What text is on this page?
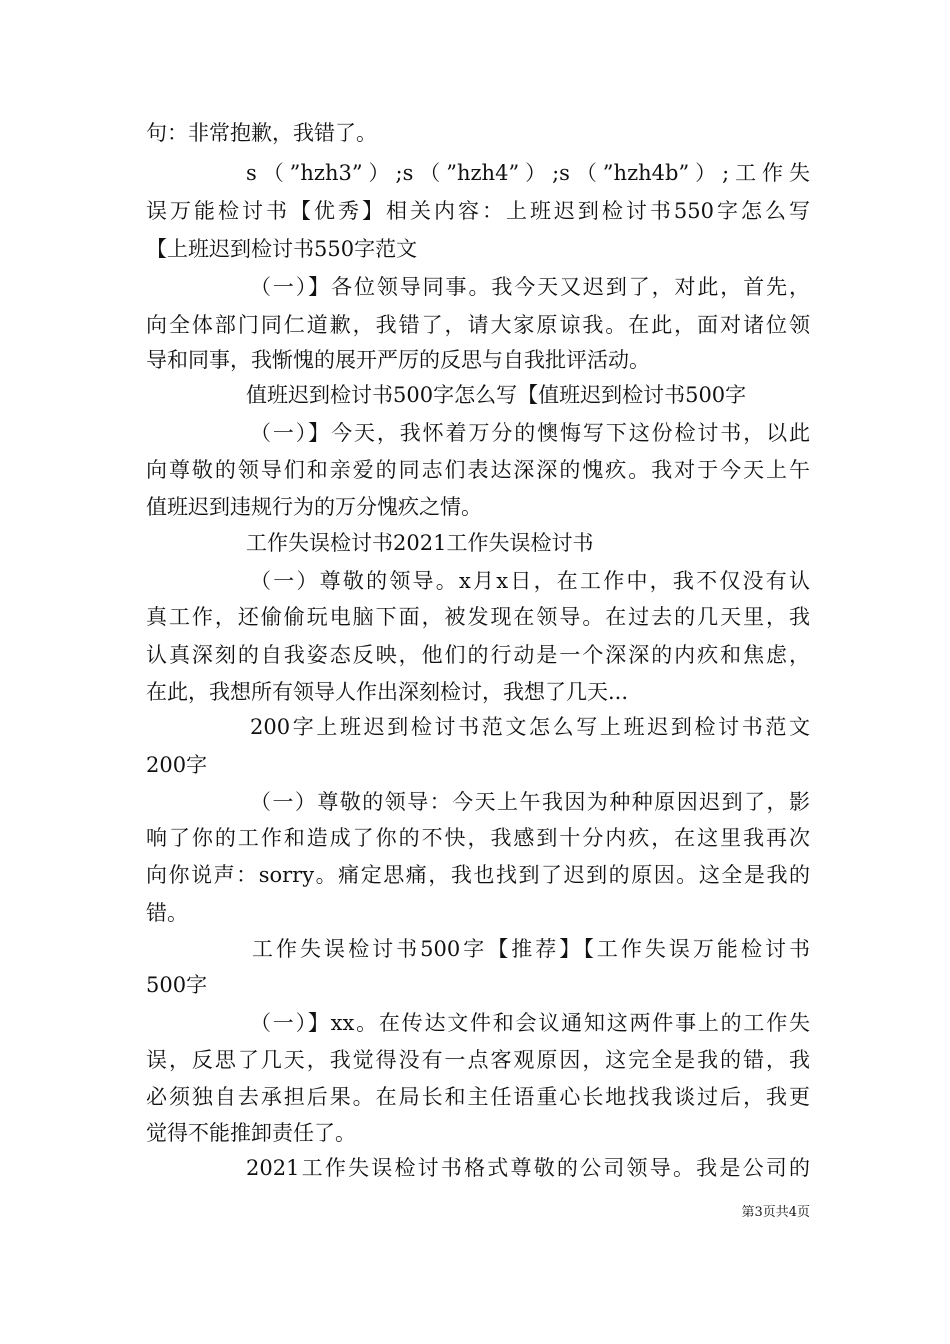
句：非常抱歉，我错了。

s（”hzh3”）;s（”hzh4”）;s（”hzh4b”）;工作失

误万能检讨书【优秀】相关内容：上班迟到检讨书550字怎么写

【上班迟到检讨书550字范文

（一）】各位领导同事。我今天又迟到了，对此，首先，

向全体部门同仁道歉，我错了，请大家原谅我。在此，面对诸位领

导和同事，我惭愧的展开严厉的反思与自我批评活动。

值班迟到检讨书500字怎么写【值班迟到检讨书500字

（一）】今天，我怀着万分的懊悔写下这份检讨书，以此

向尊敬的领导们和亲爱的同志们表达深深的愧疚。我对于今天上午

值班迟到违规行为的万分愧疚之情。

工作失误检讨书2021工作失误检讨书

（一）尊敬的领导。x月x日，在工作中，我不仅没有认

真工作，还偷偷玩电脑下面，被发现在领导。在过去的几天里，我

认真深刻的自我姿态反映，他们的行动是一个深深的内疚和焦虑，

在此，我想所有领导人作出深刻检讨，我想了几天...

200字上班迟到检讨书范文怎么写上班迟到检讨书范文

200字

（一）尊敬的领导：今天上午我因为种种原因迟到了，影

响了你的工作和造成了你的不快，我感到十分内疚，在这里我再次

向你说声：sorry。痛定思痛，我也找到了迟到的原因。这全是我的

错。

工作失误检讨书500字【推荐】【工作失误万能检讨书

500字

（一）】xx。在传达文件和会议通知这两件事上的工作失

误，反思了几天，我觉得没有一点客观原因，这完全是我的错，我

必须独自去承担后果。在局长和主任语重心长地找我谈过后，我更

觉得不能推卸责任了。

2021工作失误检讨书格式尊敬的公司领导。我是公司的

第3页共4页
